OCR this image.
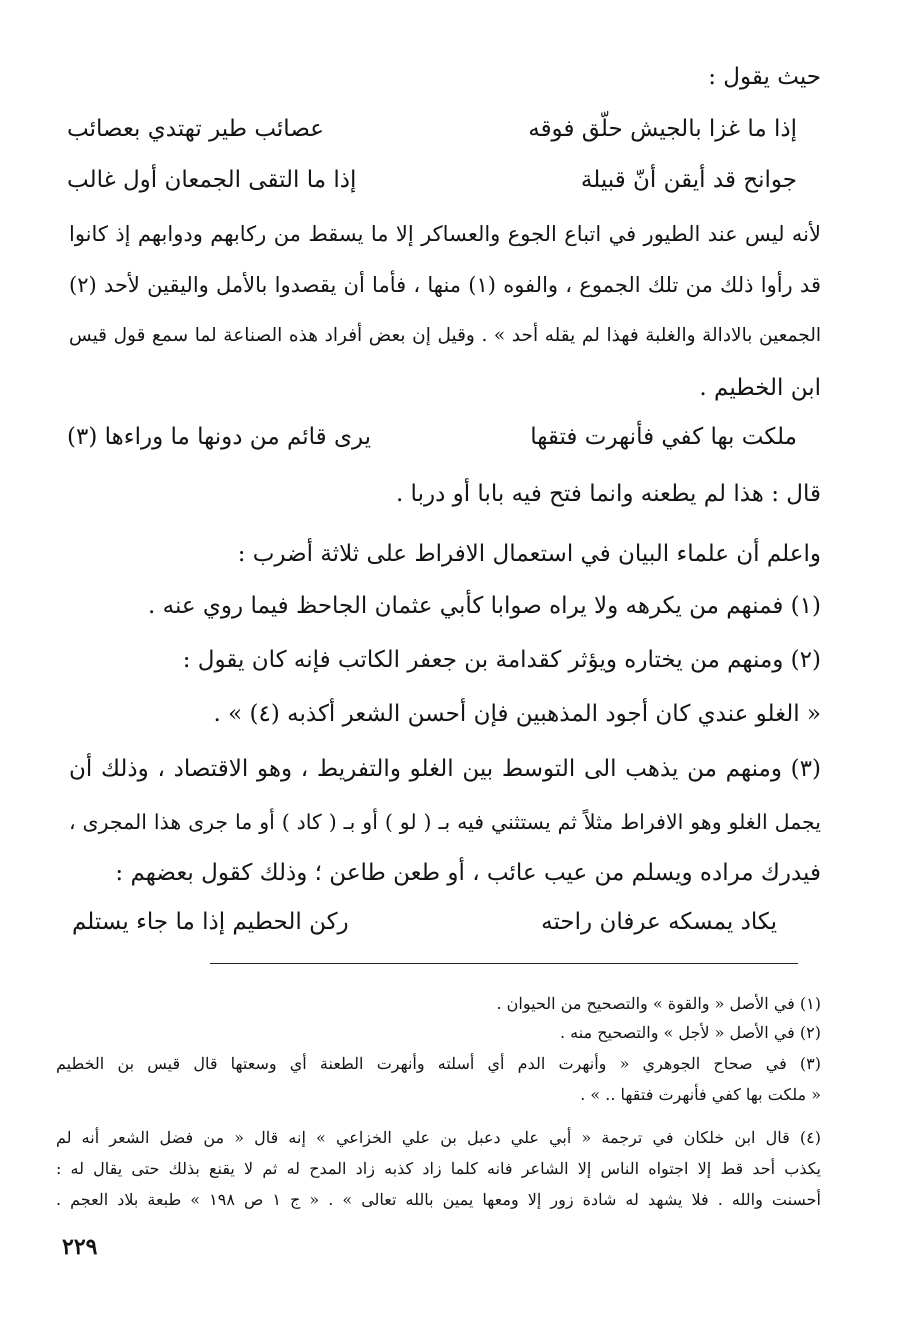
حيث يقول :
إذا ما غزا بالجيش حلّق فوقه
عصائب طير تهتدي بعصائب
جوانح قد أيقن أنّ قبيلة
إذا ما التقى الجمعان أول غالب
لأنه ليس عند الطيور في اتباع الجوع والعساكر إلا ما يسقط من ركابهم ودوابهم إذ كانوا
قد رأوا ذلك من تلك الجموع ، والفوه (١) منها ، فأما أن يقصدوا بالأمل واليقين لأحد (٢)
الجمعين بالادالة والغلبة فهذا لم يقله أحد » . وقيل إن بعض أفراد هذه الصناعة لما سمع قول قيس
ابن الخطيم .
ملكت بها كفي فأنهرت فتقها
يرى قائم من دونها ما وراءها (٣)
قال : هذا لم يطعنه وانما فتح فيه بابا أو دربا .
واعلم أن علماء البيان في استعمال الافراط على ثلاثة أضرب :
(١) فمنهم من يكرهه ولا يراه صوابا كأبي عثمان الجاحظ فيما روي عنه .
(٢) ومنهم من يختاره ويؤثر كقدامة بن جعفر الكاتب فإنه كان يقول :
« الغلو عندي كان أجود المذهبين فإن أحسن الشعر أكذبه (٤) » .
(٣) ومنهم من يذهب الى التوسط بين الغلو والتفريط ، وهو الاقتصاد ، وذلك أن
يجمل الغلو وهو الافراط مثلاً ثم يستثني فيه بـ ( لو ) أو بـ ( كاد ) أو ما جرى هذا المجرى ،
فيدرك مراده ويسلم من عيب عائب ، أو طعن طاعن ؛ وذلك كقول بعضهم :
يكاد يمسكه عرفان راحته
ركن الحطيم إذا ما جاء يستلم
(١) في الأصل « والقوة » والتصحيح من الحيوان .
(٢) في الأصل « لأجل » والتصحيح منه .
(٣) في صحاح الجوهري « وأنهرت الدم أي أسلته وأنهرت الطعنة أي وسعتها قال قيس بن الخطيم
« ملكت بها كفي فأنهرت فتقها .. » .
(٤) قال ابن خلكان في ترجمة « أبي علي دعبل بن علي الخزاعي » إنه قال « من فضل الشعر أنه لم
يكذب أحد قط إلا اجتواه الناس إلا الشاعر فانه كلما زاد كذبه زاد المدح له ثم لا يقنع بذلك حتى يقال له :
أحسنت والله . فلا يشهد له شادة زور إلا ومعها يمين بالله تعالى » . « ج ١ ص ١٩٨ » طبعة بلاد العجم .
٢٢٩
